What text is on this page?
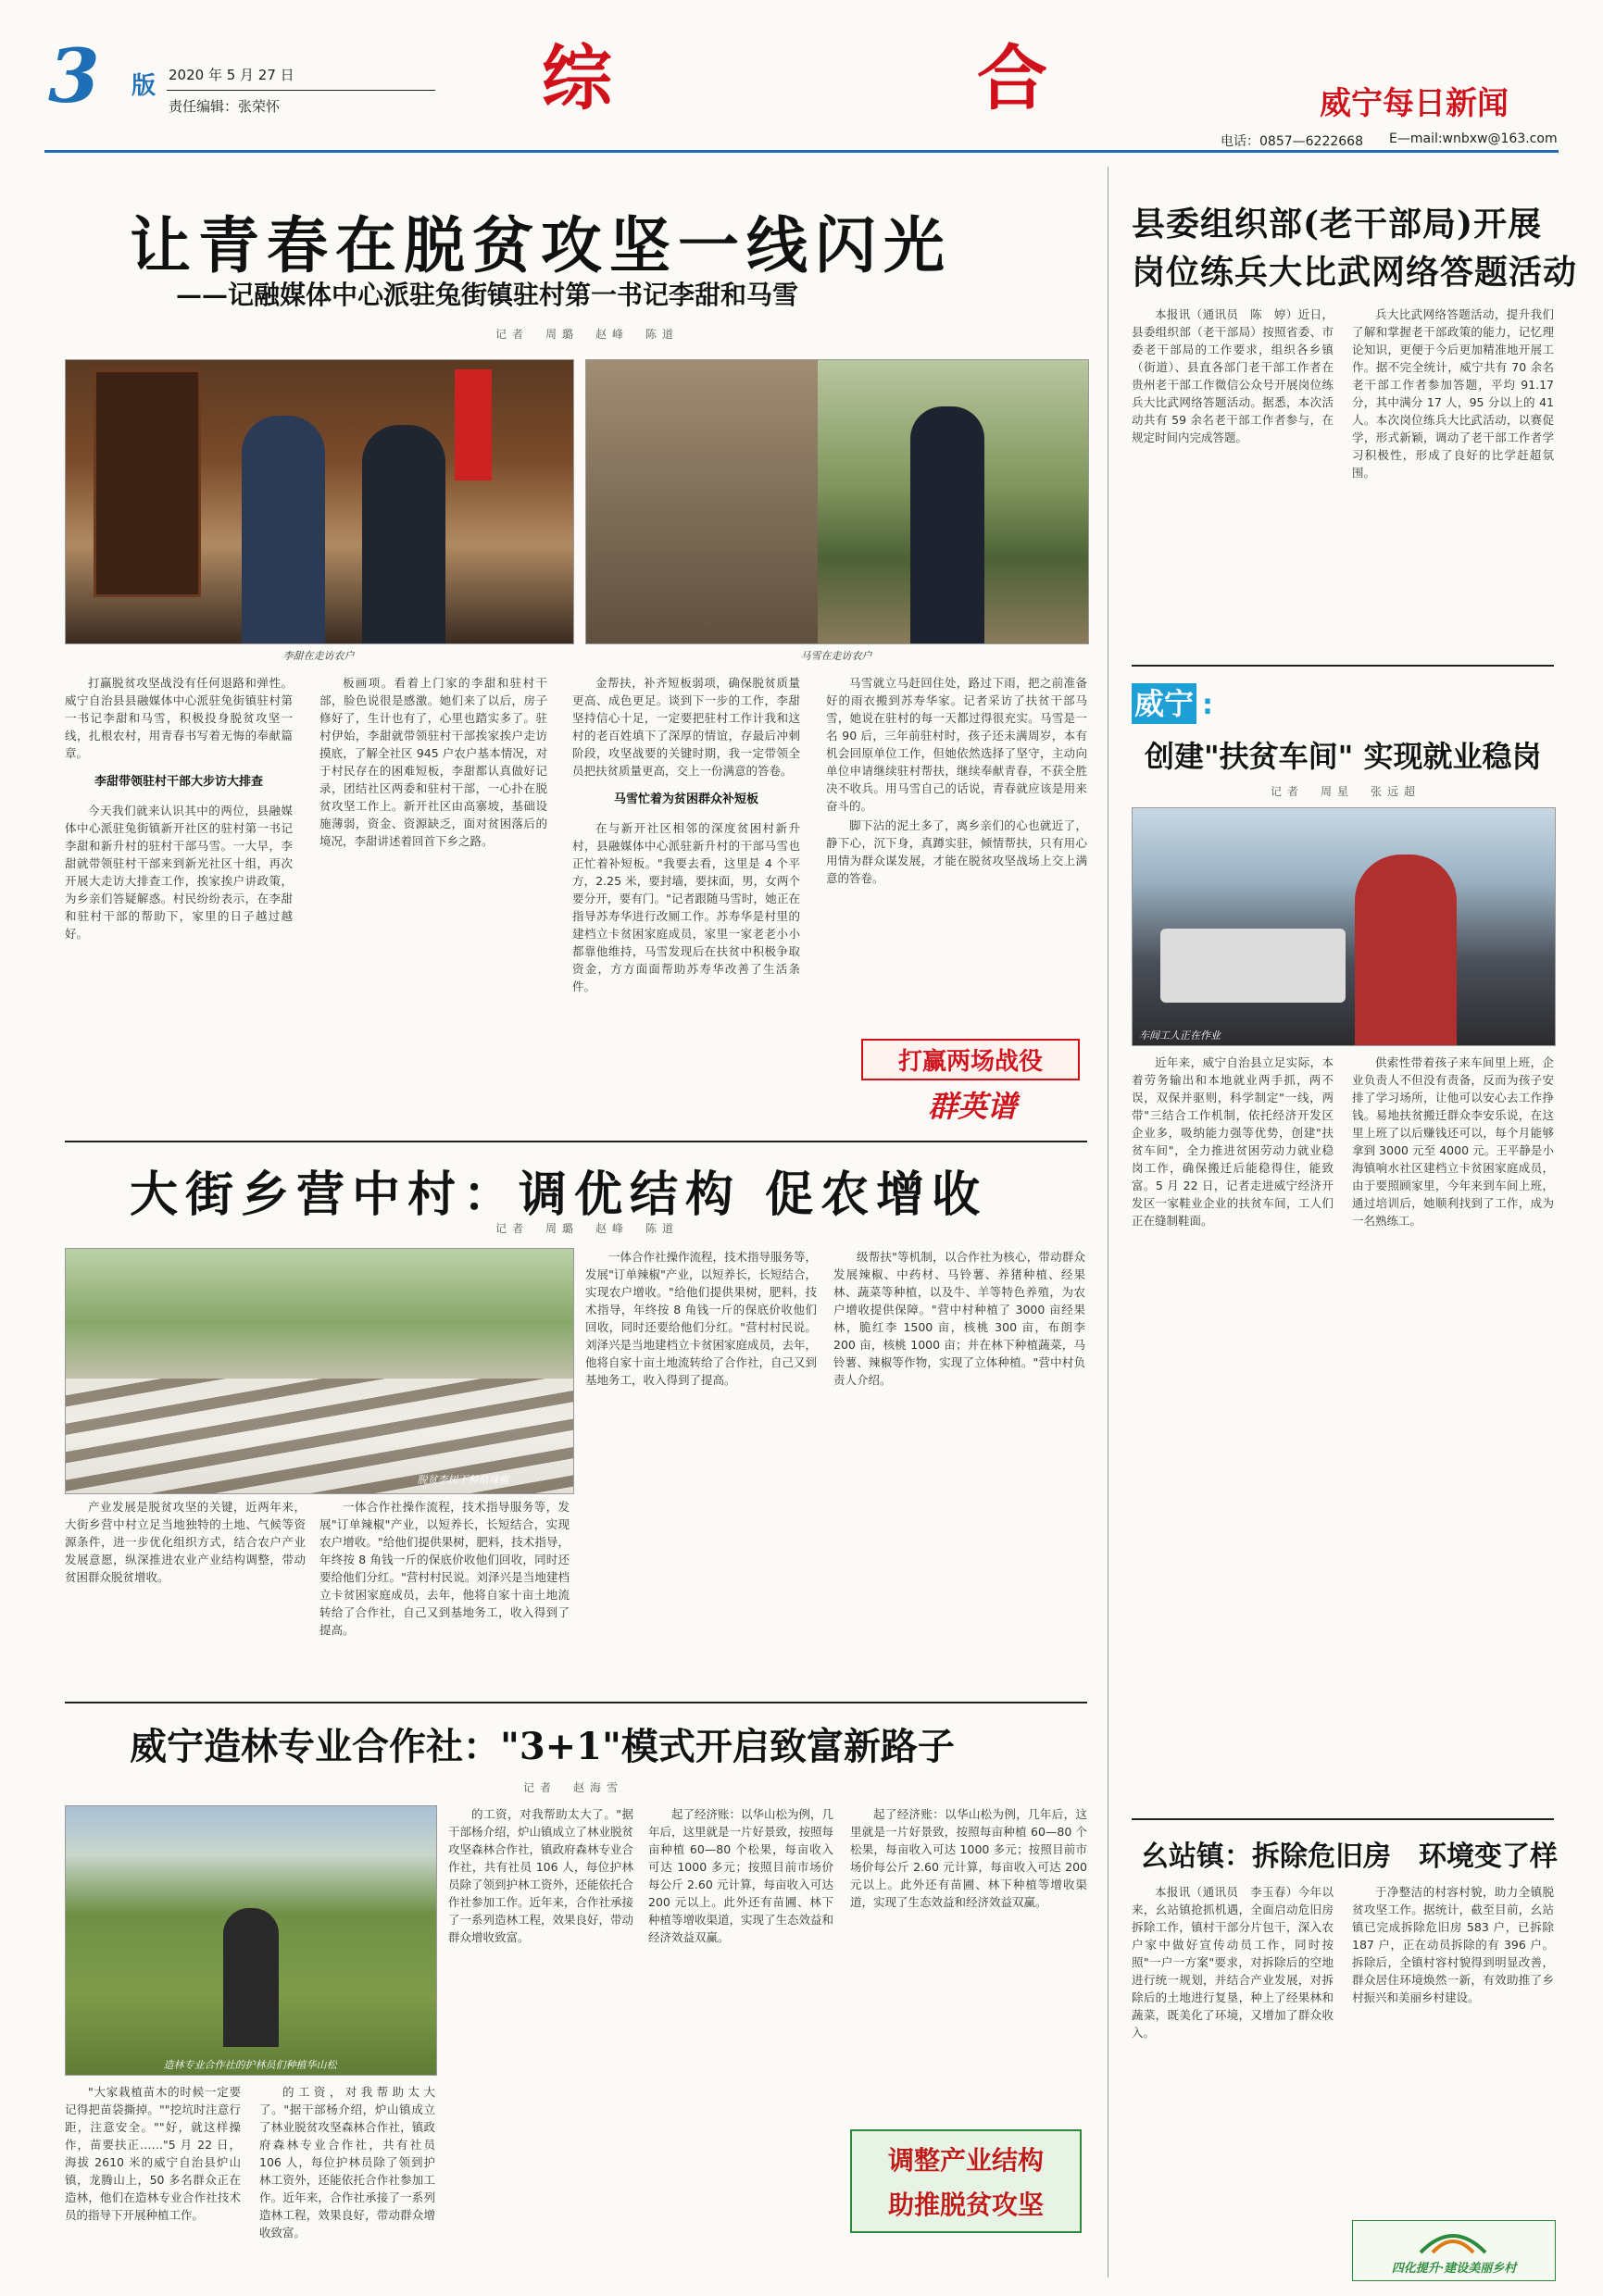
3 版 2020 年 5 月 27 日
责任编辑：张荣怀	综	合	威宁每日新闻
电话：0857—6222668 E—mail:wnbxw@163.com
让青春在脱贫攻坚一线闪光
——记融媒体中心派驻兔街镇驻村第一书记李甜和马雪
记者　周璐　赵峰　陈道
李甜在走访农户	马雪在走访农户

打赢脱贫攻坚战没有任何退路和弹性。威宁自治县县融媒体中心派驻兔街镇驻村第一书记李甜和马雪，积极投身脱贫攻坚一线，扎根农村，用青春书写着无悔的奉献篇章。

李甜带领驻村干部大步访大排查

今天我们就来认识其中的两位，县融媒体中心派驻兔街镇新开社区的驻村第一书记李甜和新升村的驻村干部马雪。一大早，李甜就带领驻村干部来到新光社区十组，再次开展大走访大排查工作，挨家挨户讲政策，为乡亲们答疑解惑。村民纷纷表示，在李甜和驻村干部的帮助下，家里的日子越过越好。

板画项。看着上门家的李甜和驻村干部，脸色说很是感激。她们来了以后，房子修好了，生计也有了，心里也踏实多了。驻村伊始，李甜就带领驻村干部挨家挨户走访摸底，了解全社区 945 户农户基本情况，对于村民存在的困难短板，李甜都认真做好记录，团结社区两委和驻村干部，一心扑在脱贫攻坚工作上。新开社区由高寨坡，基础设施薄弱，资金、资源缺乏，面对贫困落后的境况，李甜讲述着回首下乡之路。

金帮扶，补齐短板弱项，确保脱贫质量更高、成色更足。谈到下一步的工作，李甜坚持信心十足，一定要把驻村工作计我和这村的老百姓填下了深厚的情谊，存最后冲刺阶段，攻坚战要的关键时期，我一定带领全员把扶贫质量更高，交上一份满意的答卷。

马雪忙着为贫困群众补短板

在与新开社区相邻的深度贫困村新升村，县融媒体中心派驻新升村的干部马雪也正忙着补短板。"我要去看，这里是 4 个平方，2.25 米，要封墙，要抹面，男，女两个要分开，要有门。"记者跟随马雪时，她正在指导苏寿华进行改厕工作。苏寿华是村里的建档立卡贫困家庭成员，家里一家老老小小都靠他维持，马雪发现后在扶贫中积极争取资金，方方面面帮助苏寿华改善了生活条件。

马雪就立马赶回住处，路过下雨，把之前准备好的雨衣搬到苏寿华家。记者采访了扶贫干部马雪，她说在驻村的每一天都过得很充实。马雪是一名 90 后，三年前驻村时，孩子还未满周岁，本有机会回原单位工作，但她依然选择了坚守，主动向单位申请继续驻村帮扶，继续奉献青春，不获全胜决不收兵。用马雪自己的话说，青春就应该是用来奋斗的。

脚下沾的泥土多了，离乡亲们的心也就近了，静下心，沉下身，真蹲实驻，倾情帮扶，只有用心用情为群众谋发展，才能在脱贫攻坚战场上交上满意的答卷。

打赢两场战役
群英谱
县委组织部(老干部局)开展
岗位练兵大比武网络答题活动

本报讯（通讯员　陈　婷）近日，县委组织部（老干部局）按照省委、市委老干部局的工作要求，组织各乡镇（街道）、县直各部门老干部工作者在贵州老干部工作微信公众号开展岗位练兵大比武网络答题活动。据悉，本次活动共有 59 余名老干部工作者参与，在规定时间内完成答题。

兵大比武网络答题活动，提升我们了解和掌握老干部政策的能力，记忆理论知识，更便于今后更加精准地开展工作。据不完全统计，威宁共有 70 余名老干部工作者参加答题，平均 91.17 分，其中满分 17 人，95 分以上的 41 人。本次岗位练兵大比武活动，以赛促学，形式新颖，调动了老干部工作者学习积极性，形成了良好的比学赶超氛围。

威宁 :
创建"扶贫车间" 实现就业稳岗
记者　周星　张远超
车间工人正在作业

近年来，威宁自治县立足实际，本着劳务输出和本地就业两手抓，两不误，双保并驱则，科学制定"一线，两带"三结合工作机制，依托经济开发区企业多，吸纳能力强等优势，创建"扶贫车间"，全力推进贫困劳动力就业稳岗工作，确保搬迁后能稳得住，能致富。5 月 22 日，记者走进威宁经济开发区一家鞋业企业的扶贫车间，工人们正在缝制鞋面。

供索性带着孩子来车间里上班，企业负责人不但没有责备，反而为孩子安排了学习场所，让他可以安心去工作挣钱。易地扶贫搬迁群众李安乐说，在这里上班了以后赚钱还可以，每个月能够拿到 3000 元至 4000 元。王平静是小海镇响水社区建档立卡贫困家庭成员，由于要照顾家里，今年来到车间上班，通过培训后，她顺利找到了工作，成为一名熟练工。

大街乡营中村：调优结构 促农增收
记者　周璐　赵峰　陈道
脱贫李树下种植辣椒

产业发展是脱贫攻坚的关键，近两年来，大街乡营中村立足当地独特的土地、气候等资源条件，进一步优化组织方式，结合农户产业发展意愿，纵深推进农业产业结构调整，带动贫困群众脱贫增收。

一体合作社操作流程，技术指导服务等，发展"订单辣椒"产业，以短养长，长短结合，实现农户增收。"给他们提供果树，肥料，技术指导，年终按 8 角钱一斤的保底价收他们回收，同时还要给他们分红。"营村村民说。刘泽兴是当地建档立卡贫困家庭成员，去年，他将自家十亩土地流转给了合作社，自己又到基地务工，收入得到了提高。

一体合作社操作流程，技术指导服务等，发展"订单辣椒"产业，以短养长，长短结合，实现农户增收。"给他们提供果树，肥料，技术指导，年终按 8 角钱一斤的保底价收他们回收，同时还要给他们分红。"营村村民说。刘泽兴是当地建档立卡贫困家庭成员，去年，他将自家十亩土地流转给了合作社，自己又到基地务工，收入得到了提高。

级帮扶"等机制，以合作社为核心，带动群众发展辣椒、中药材、马铃薯、养猪种植、经果林、蔬菜等种植，以及牛、羊等特色养殖，为农户增收提供保障。"营中村种植了 3000 亩经果林，脆红李 1500 亩，核桃 300 亩，布朗李 200 亩，核桃 1000 亩；并在林下种植蔬菜，马铃薯、辣椒等作物，实现了立体种植。"营中村负责人介绍。

威宁造林专业合作社："3+1"模式开启致富新路子
记者　赵海雪
造林专业合作社的护林员们种植华山松

"大家栽植苗木的时候一定要记得把苗袋撕掉。""挖坑时注意行距，注意安全。""好，就这样操作，苗要扶正……"5 月 22 日，海拔 2610 米的威宁自治县炉山镇，龙腾山上，50 多名群众正在造林，他们在造林专业合作社技术员的指导下开展种植工作。

的工资，对我帮助太大了。"据干部杨介绍，炉山镇成立了林业脱贫攻坚森林合作社，镇政府森林专业合作社，共有社员 106 人，每位护林员除了领到护林工资外，还能依托合作社参加工作。近年来，合作社承接了一系列造林工程，效果良好，带动群众增收致富。

的工资，对我帮助太大了。"据干部杨介绍，炉山镇成立了林业脱贫攻坚森林合作社，镇政府森林专业合作社，共有社员 106 人，每位护林员除了领到护林工资外，还能依托合作社参加工作。近年来，合作社承接了一系列造林工程，效果良好，带动群众增收致富。

起了经济账：以华山松为例，几年后，这里就是一片好景致，按照每亩种植 60—80 个松果，每亩收入可达 1000 多元；按照目前市场价每公斤 2.60 元计算，每亩收入可达 200 元以上。此外还有苗圃、林下种植等增收渠道，实现了生态效益和经济效益双赢。

起了经济账：以华山松为例，几年后，这里就是一片好景致，按照每亩种植 60—80 个松果，每亩收入可达 1000 多元；按照目前市场价每公斤 2.60 元计算，每亩收入可达 200 元以上。此外还有苗圃、林下种植等增收渠道，实现了生态效益和经济效益双赢。

调整产业结构
助推脱贫攻坚
幺站镇：拆除危旧房　环境变了样

本报讯（通讯员　李玉春）今年以来，幺站镇抢抓机遇，全面启动危旧房拆除工作，镇村干部分片包干，深入农户家中做好宣传动员工作，同时按照"一户一方案"要求，对拆除后的空地进行统一规划，并结合产业发展，对拆除后的土地进行复垦，种上了经果林和蔬菜，既美化了环境，又增加了群众收入。

于净整洁的村容村貌，助力全镇脱贫攻坚工作。据统计，截至目前，幺站镇已完成拆除危旧房 583 户，已拆除 187 户，正在动员拆除的有 396 户。拆除后，全镇村容村貌得到明显改善，群众居住环境焕然一新，有效助推了乡村振兴和美丽乡村建设。

四化提升·建设美丽乡村
